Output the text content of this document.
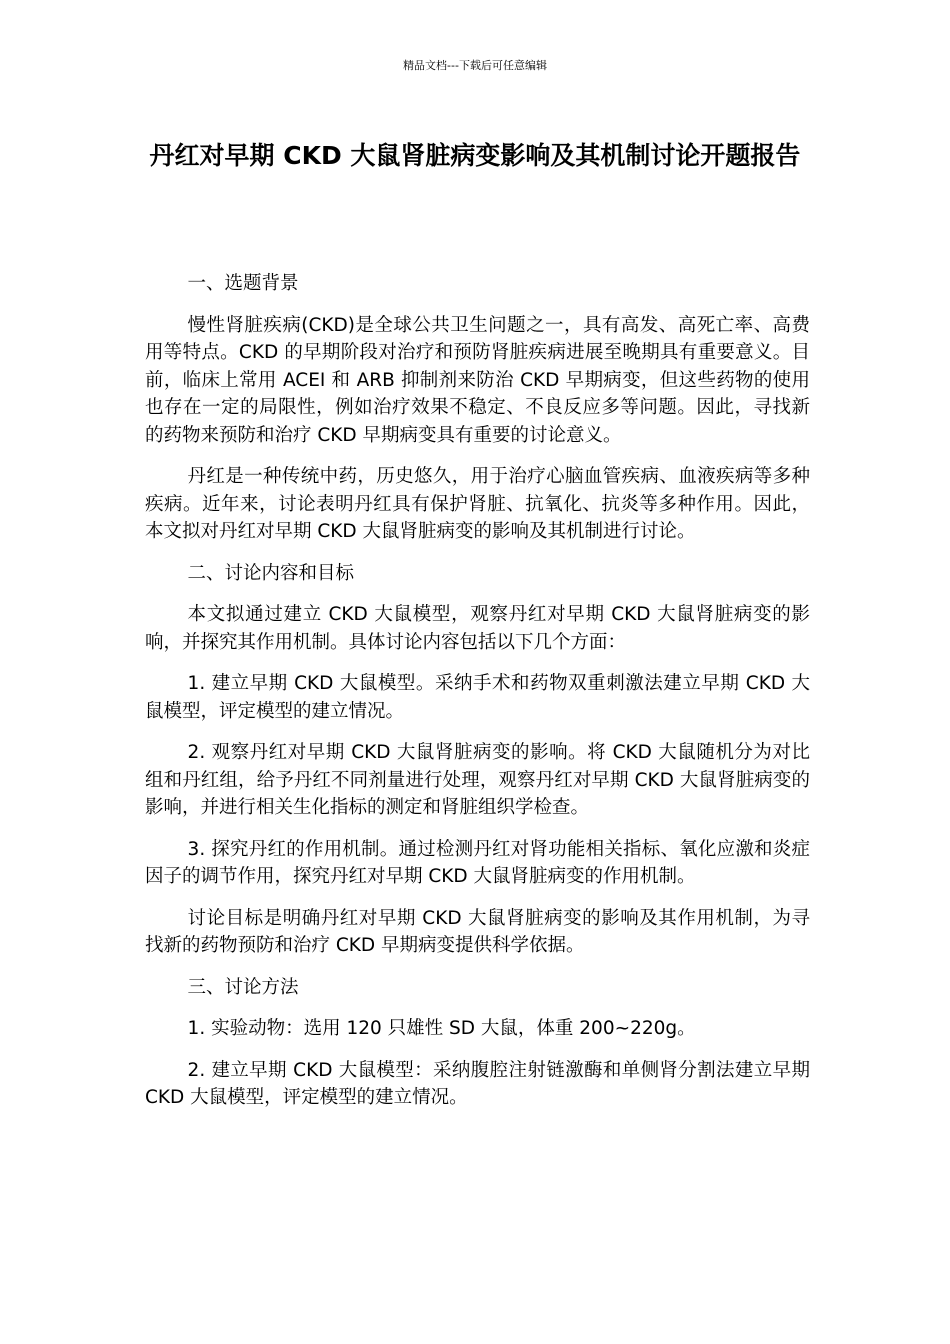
精品文档---下载后可任意编辑
丹红对早期 CKD 大鼠肾脏病变影响及其机制讨论开题报告

一、选题背景

慢性肾脏疾病(CKD)是全球公共卫生问题之一，具有高发、高死亡率、高费用等特点。CKD 的早期阶段对治疗和预防肾脏疾病进展至晚期具有重要意义。目前，临床上常用 ACEI 和 ARB 抑制剂来防治 CKD 早期病变，但这些药物的使用也存在一定的局限性，例如治疗效果不稳定、不良反应多等问题。因此，寻找新的药物来预防和治疗 CKD 早期病变具有重要的讨论意义。

丹红是一种传统中药，历史悠久，用于治疗心脑血管疾病、血液疾病等多种疾病。近年来，讨论表明丹红具有保护肾脏、抗氧化、抗炎等多种作用。因此，本文拟对丹红对早期 CKD 大鼠肾脏病变的影响及其机制进行讨论。

二、讨论内容和目标

本文拟通过建立 CKD 大鼠模型，观察丹红对早期 CKD 大鼠肾脏病变的影响，并探究其作用机制。具体讨论内容包括以下几个方面：

1. 建立早期 CKD 大鼠模型。采纳手术和药物双重刺激法建立早期 CKD 大鼠模型，评定模型的建立情况。

2. 观察丹红对早期 CKD 大鼠肾脏病变的影响。将 CKD 大鼠随机分为对比组和丹红组，给予丹红不同剂量进行处理，观察丹红对早期 CKD 大鼠肾脏病变的影响，并进行相关生化指标的测定和肾脏组织学检查。

3. 探究丹红的作用机制。通过检测丹红对肾功能相关指标、氧化应激和炎症因子的调节作用，探究丹红对早期 CKD 大鼠肾脏病变的作用机制。

讨论目标是明确丹红对早期 CKD 大鼠肾脏病变的影响及其作用机制，为寻找新的药物预防和治疗 CKD 早期病变提供科学依据。

三、讨论方法

1. 实验动物：选用 120 只雄性 SD 大鼠，体重 200~220g。

2. 建立早期 CKD 大鼠模型：采纳腹腔注射链激酶和单侧肾分割法建立早期 CKD 大鼠模型，评定模型的建立情况。
